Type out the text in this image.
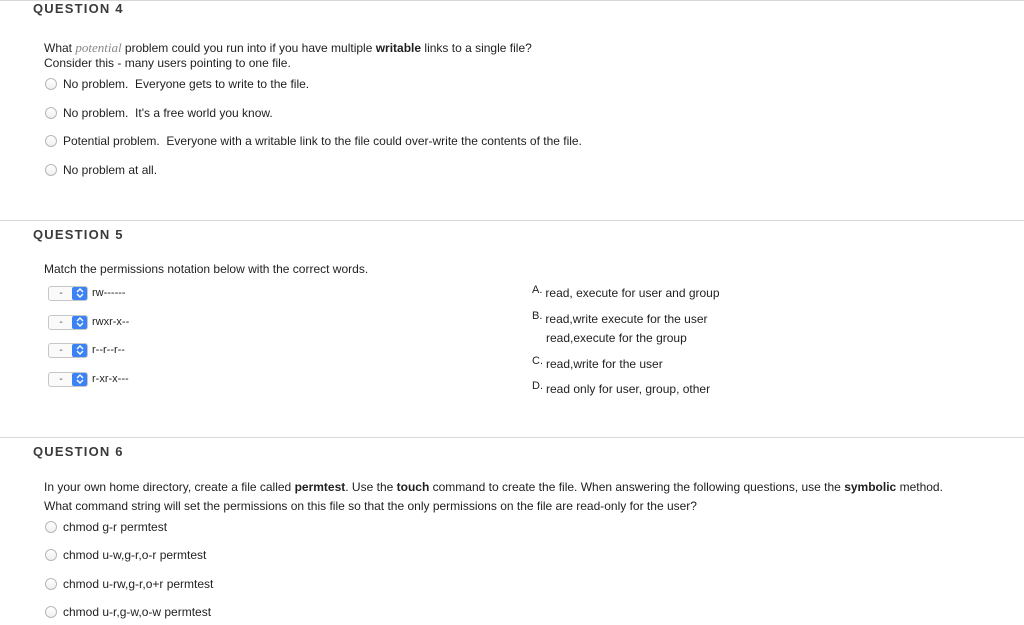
QUESTION 4
What potential problem could you run into if you have multiple writable links to a single file?
Consider this - many users pointing to one file.
No problem.  Everyone gets to write to the file.
No problem.  It's a free world you know.
Potential problem.  Everyone with a writable link to the file could over-write the contents of the file.
No problem at all.
QUESTION 5
Match the permissions notation below with the correct words.
-	rw------
-	rwxr-x--
-	r--r--r--
-	r-xr-x---
A. read, execute for user and group
B. read,write execute for the user
read,execute for the group
C. read,write for the user
D. read only for user, group, other
QUESTION 6
In your own home directory, create a file called permtest. Use the touch command to create the file. When answering the following questions, use the symbolic method.
What command string will set the permissions on this file so that the only permissions on the file are read-only for the user?
chmod g-r permtest
chmod u-w,g-r,o-r permtest
chmod u-rw,g-r,o+r permtest
chmod u-r,g-w,o-w permtest
